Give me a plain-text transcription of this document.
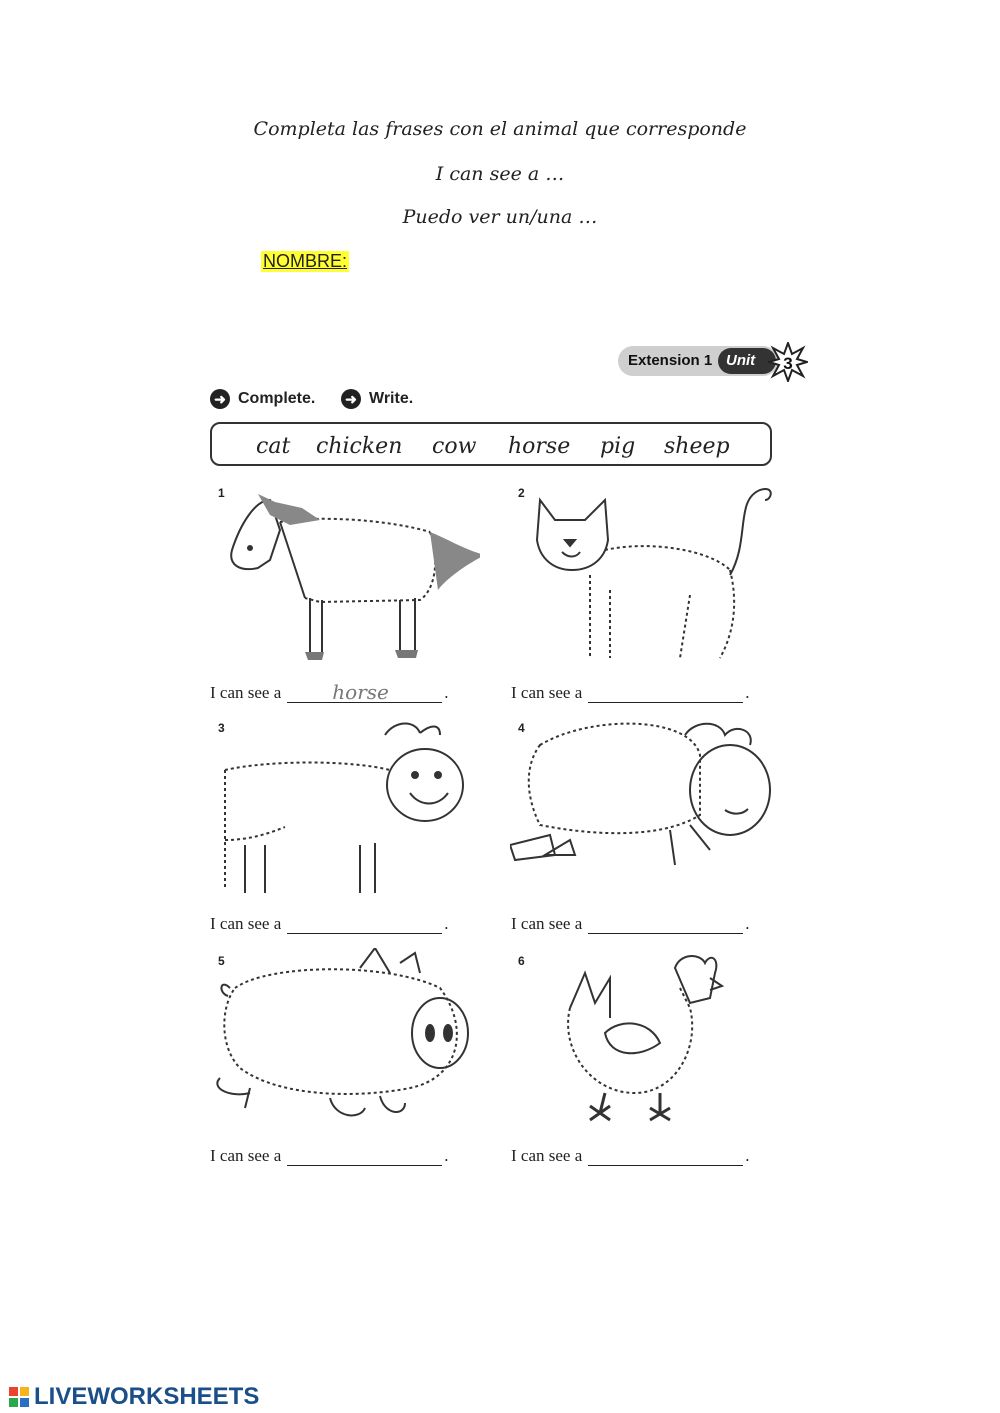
Completa las frases con el animal que corresponde
I can see a …
Puedo ver un/una …
NOMBRE:
Extension 1 Unit 3
➜ Complete. ➜ Write.
cat chicken cow horse pig sheep
1
I can see a	horse	.
2
I can see a	.
3
I can see a	.
4
I can see a	.
5
I can see a	.
6
I can see a	.
LIVEWORKSHEETS
